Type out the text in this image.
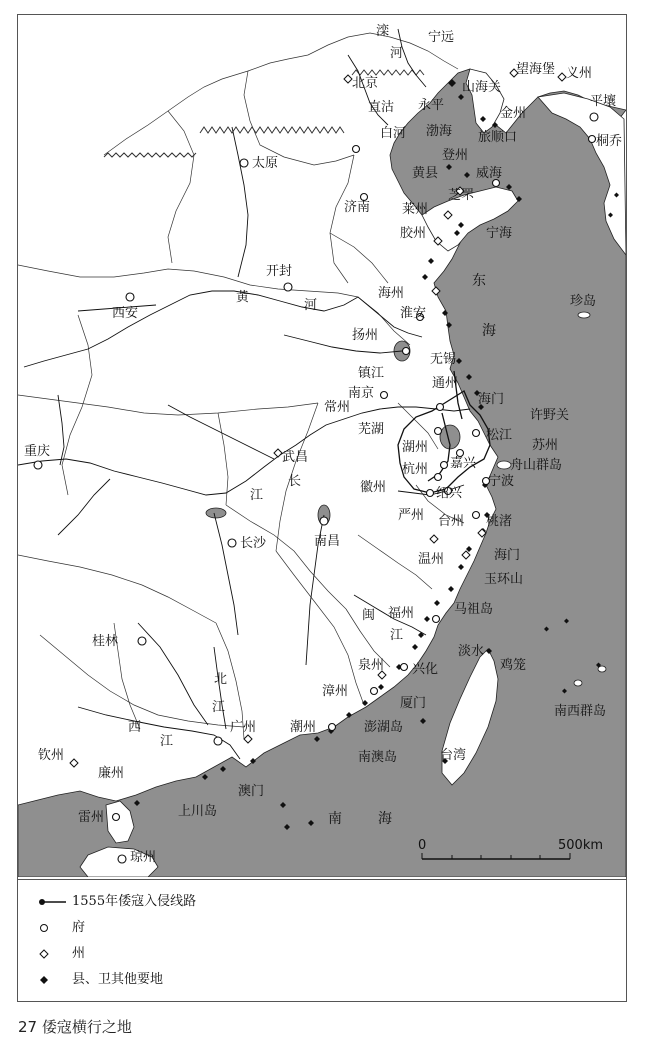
滦	宁远
河
望海堡 义州
北京	山海关
平壤
直沽 永平
金州
白河 渤海 旅顺口	桐乔
太原
登州
黄县	威海
芝罘
济南 莱州
胶州	宁海
开封
黄
河
东
西安
海州
淮安
珍岛
海
扬州
无锡
镇江
通州
南京	海门
常州
许野关
芜湖	松江
重庆	武昌
湖州	苏州
杭州 嘉兴	舟山群岛
徽州	绍兴
宁波
江
长
严州 台州 桃渚
长沙	南昌
温州	海门
玉环山
闽 福州	马祖岛
桂林	江
淡水
泉州 兴化	鸡笼
北
漳州
厦门
江	南西群岛
潮州	澎湖岛
西	广州
南澳岛
江
钦州	台湾
廉州
澳门
上川岛
雷州	南	海
琼州
0	500km
1555年倭寇入侵线路
府
州
县、卫其他要地
27 倭寇横行之地
